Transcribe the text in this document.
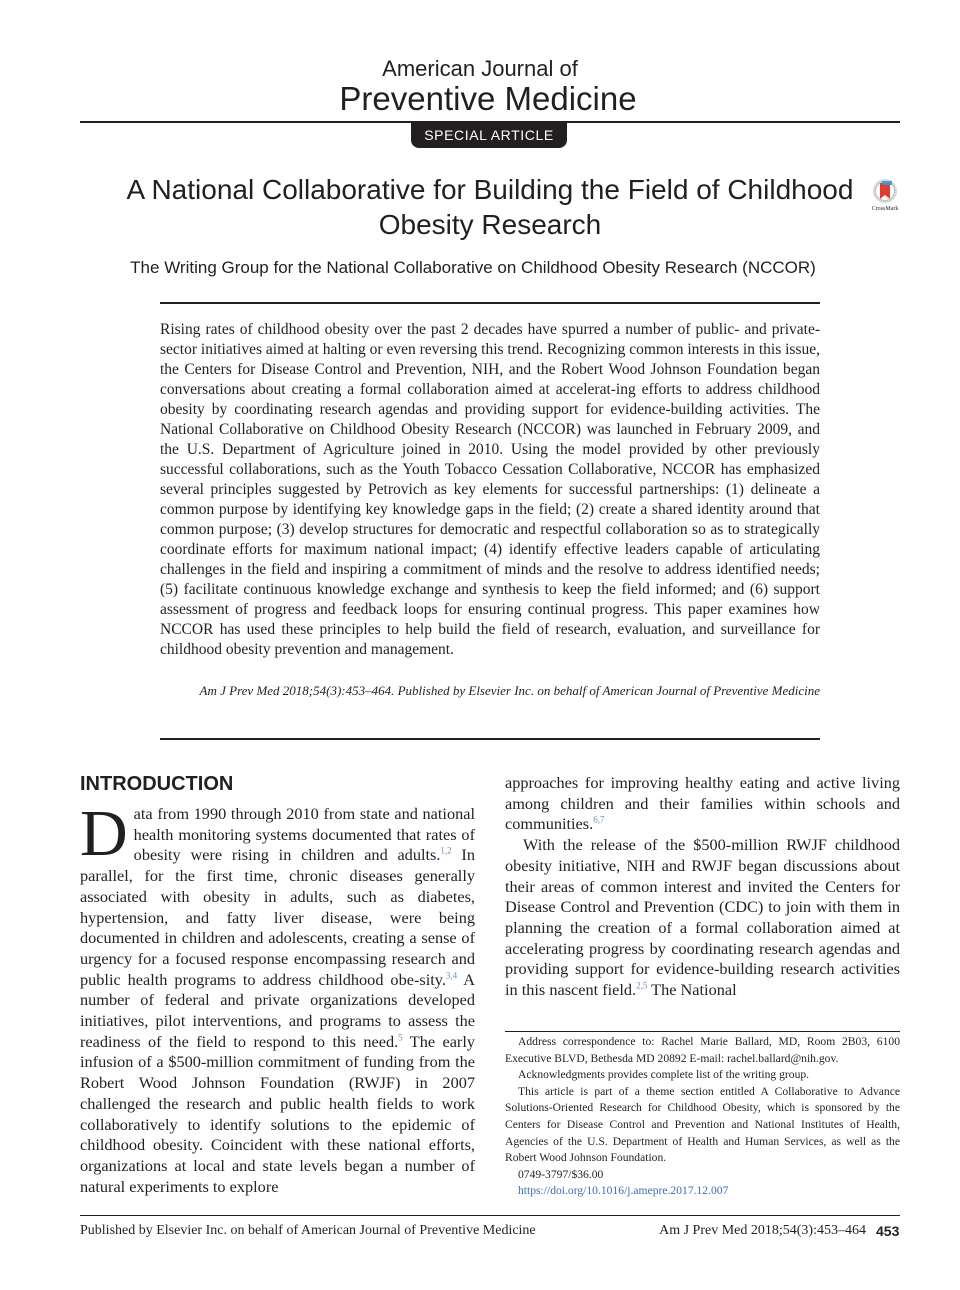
American Journal of
Preventive Medicine
SPECIAL ARTICLE
A National Collaborative for Building the Field of Childhood Obesity Research	CrossMark
The Writing Group for the National Collaborative on Childhood Obesity Research (NCCOR)
Rising rates of childhood obesity over the past 2 decades have spurred a number of public- and private-sector initiatives aimed at halting or even reversing this trend. Recognizing common interests in this issue, the Centers for Disease Control and Prevention, NIH, and the Robert Wood Johnson Foundation began conversations about creating a formal collaboration aimed at accelerat-ing efforts to address childhood obesity by coordinating research agendas and providing support for evidence-building activities. The National Collaborative on Childhood Obesity Research (NCCOR) was launched in February 2009, and the U.S. Department of Agriculture joined in 2010. Using the model provided by other previously successful collaborations, such as the Youth Tobacco Cessation Collaborative, NCCOR has emphasized several principles suggested by Petrovich as key elements for successful partnerships: (1) delineate a common purpose by identifying key knowledge gaps in the field; (2) create a shared identity around that common purpose; (3) develop structures for democratic and respectful collaboration so as to strategically coordinate efforts for maximum national impact; (4) identify effective leaders capable of articulating challenges in the field and inspiring a commitment of minds and the resolve to address identified needs; (5) facilitate continuous knowledge exchange and synthesis to keep the field informed; and (6) support assessment of progress and feedback loops for ensuring continual progress. This paper examines how NCCOR has used these principles to help build the field of research, evaluation, and surveillance for childhood obesity prevention and management.
Am J Prev Med 2018;54(3):453–464. Published by Elsevier Inc. on behalf of American Journal of Preventive Medicine
INTRODUCTION

Data from 1990 through 2010 from state and national health monitoring systems documented that rates of obesity were rising in children and adults.$^{1,2}$ In parallel, for the first time, chronic diseases generally associated with obesity in adults, such as diabetes, hypertension, and fatty liver disease, were being documented in children and adolescents, creating a sense of urgency for a focused response encompassing research and public health programs to address childhood obe-sity.$^{3,4}$ A number of federal and private organizations developed initiatives, pilot interventions, and programs to assess the readiness of the field to respond to this need.$^5$ The early infusion of a $500-million commitment of funding from the Robert Wood Johnson Foundation (RWJF) in 2007 challenged the research and public health fields to work collaboratively to identify solutions to the epidemic of childhood obesity. Coincident with these national efforts, organizations at local and state levels began a number of natural experiments to explore

approaches for improving healthy eating and active living among children and their families within schools and communities.$^{6,7}$

With the release of the $500-million RWJF childhood obesity initiative, NIH and RWJF began discussions about their areas of common interest and invited the Centers for Disease Control and Prevention (CDC) to join with them in planning the creation of a formal collaboration aimed at accelerating progress by coordinating research agendas and providing support for evidence-building research activities in this nascent field.$^{2,5}$ The National

Address correspondence to: Rachel Marie Ballard, MD, Room 2B03, 6100 Executive BLVD, Bethesda MD 20892 E-mail: rachel.ballard@nih.gov.

Acknowledgments provides complete list of the writing group.

This article is part of a theme section entitled A Collaborative to Advance Solutions-Oriented Research for Childhood Obesity, which is sponsored by the Centers for Disease Control and Prevention and National Institutes of Health, Agencies of the U.S. Department of Health and Human Services, as well as the Robert Wood Johnson Foundation.

0749-3797/$36.00

https://doi.org/10.1016/j.amepre.2017.12.007

Published by Elsevier Inc. on behalf of American Journal of Preventive Medicine	Am J Prev Med 2018;54(3):453–464 453
